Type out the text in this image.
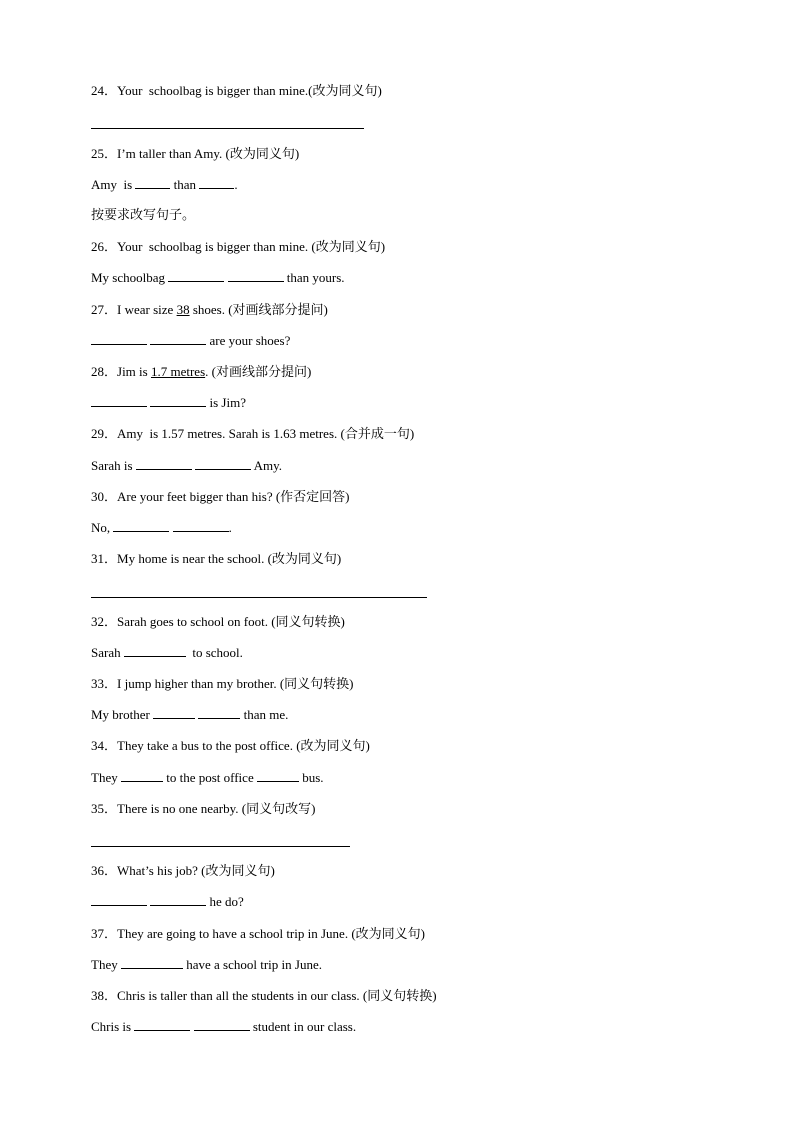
24．Your  schoolbag is bigger than mine.(改为同义句)
25．I’m taller than Amy. (改为同义句)
Amy  is	than	.
按要求改写句子。
26．Your  schoolbag is bigger than mine. (改为同义句)
My schoolbag	than yours.
27．I wear size 38 shoes. (对画线部分提问)
are your shoes?
28．Jim is 1.7 metres. (对画线部分提问)
is Jim?
29．Amy  is 1.57 metres. Sarah is 1.63 metres. (合并成一句)
Sarah is	Amy.
30．Are your feet bigger than his? (作否定回答)
No,	.
31．My home is near the school. (改为同义句)
32．Sarah goes to school on foot. (同义句转换)
Sarah	to school.
33．I jump higher than my brother. (同义句转换)
My brother	than me.
34．They take a bus to the post office. (改为同义句)
They	to the post office	bus.
35．There is no one nearby. (同义句改写)
36．What’s his job? (改为同义句)
he do?
37．They are going to have a school trip in June. (改为同义句)
They	have a school trip in June.
38．Chris is taller than all the students in our class. (同义句转换)
Chris is	student in our class.
